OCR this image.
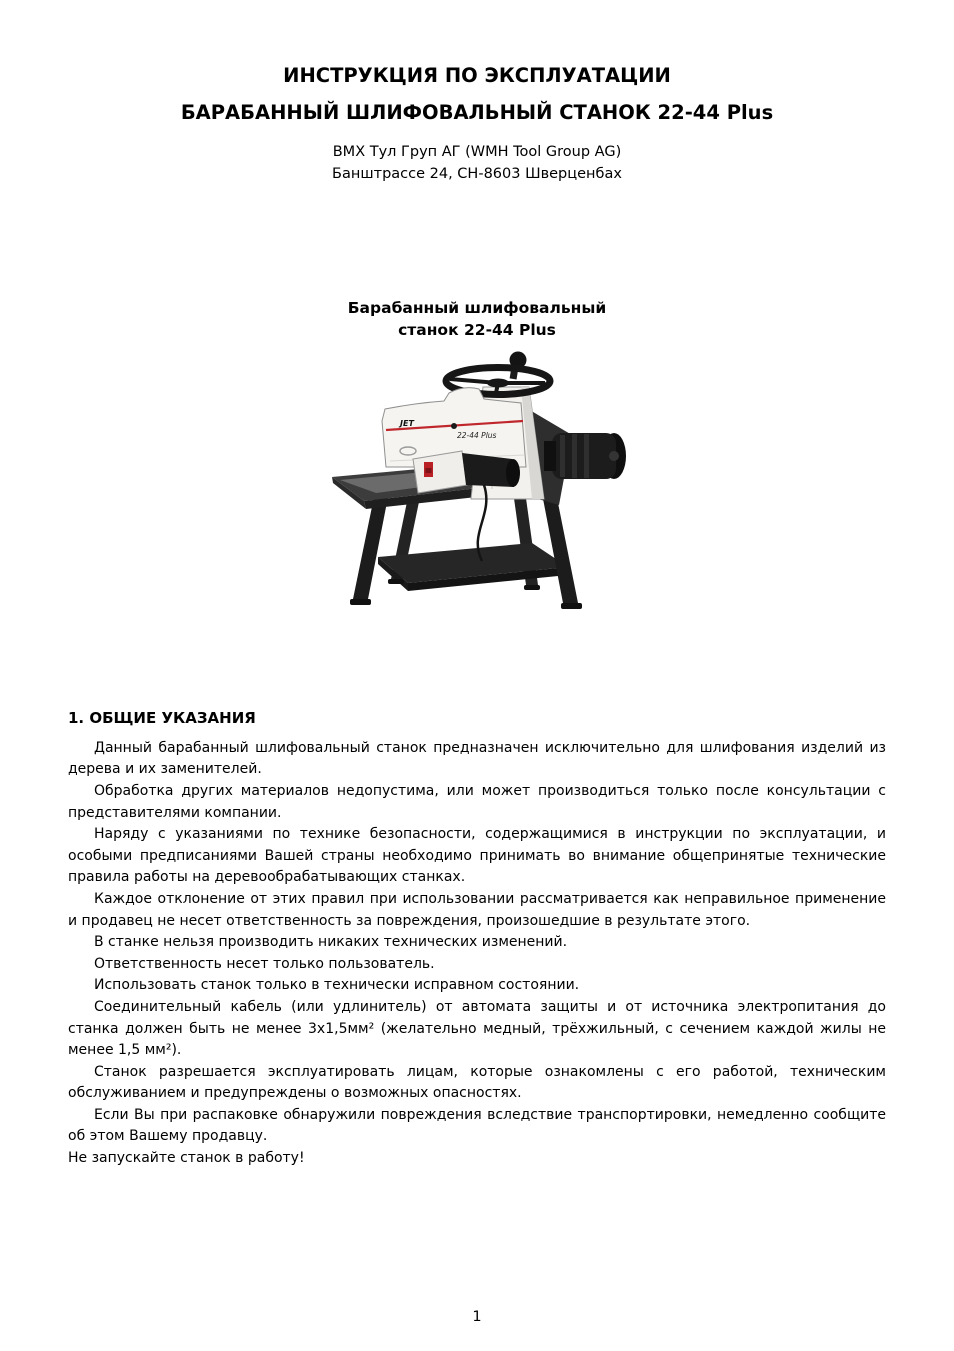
ИНСТРУКЦИЯ ПО ЭКСПЛУАТАЦИИ
БАРАБАННЫЙ ШЛИФОВАЛЬНЫЙ СТАНОК 22-44 Plus
ВМХ Тул Груп АГ (WMH Tool Group AG)
Банштрассе 24, CH-8603 Шверценбах
Барабанный шлифовальный
станок 22-44 Plus
JET
22-44 Plus
1. ОБЩИЕ УКАЗАНИЯ

Данный барабанный шлифовальный станок предназначен исключительно для шлифования изделий из дерева и их заменителей.

Обработка других материалов недопустима, или может производиться только после консультации с представителями компании.

Наряду с указаниями по технике безопасности, содержащимися в инструкции по эксплуатации, и особыми предписаниями Вашей страны необходимо принимать во внимание общепринятые технические правила работы на деревообрабатывающих станках.

Каждое отклонение от этих правил при использовании рассматривается как неправильное применение и продавец не несет ответственность за повреждения, произошедшие в результате этого.

В станке нельзя производить никаких технических изменений.

Ответственность несет только пользователь.

Использовать станок только в технически исправном состоянии.

Соединительный кабель (или удлинитель) от автомата защиты и от источника электропитания до станка должен быть не менее 3х1,5мм² (желательно медный, трёхжильный, с сечением каждой жилы не менее 1,5 мм²).

Станок разрешается эксплуатировать лицам, которые ознакомлены с его работой, техническим обслуживанием и предупреждены о возможных опасностях.

Если Вы при распаковке обнаружили повреждения вследствие транспортировки, немедленно сообщите об этом Вашему продавцу.

Не запускайте станок в работу!

1
